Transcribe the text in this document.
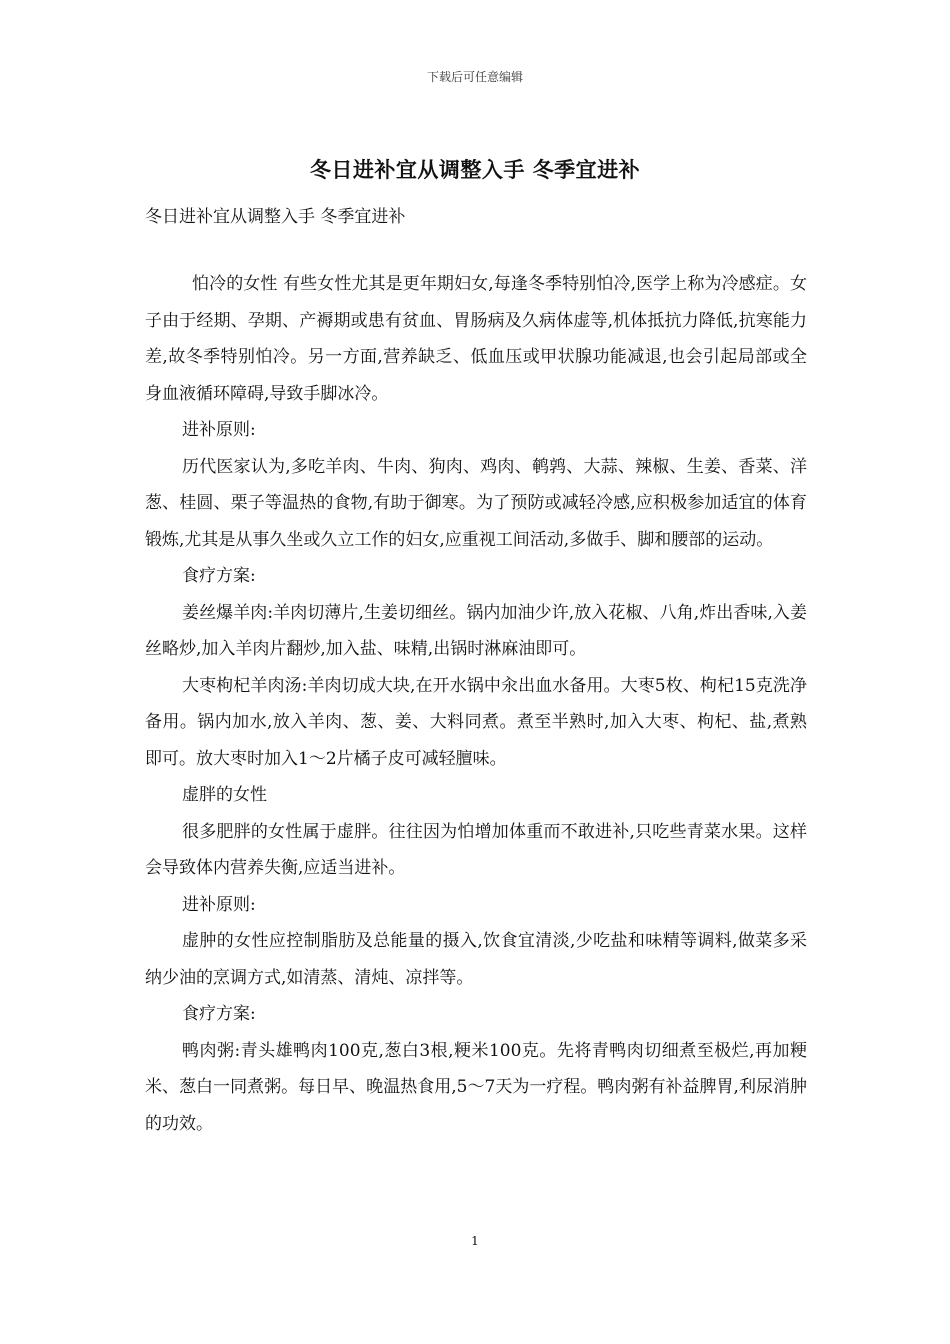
下载后可任意编辑
冬日进补宜从调整入手 冬季宜进补
冬日进补宜从调整入手 冬季宜进补

怕冷的女性 有些女性尤其是更年期妇女,每逢冬季特别怕冷,医学上称为冷感症。女子由于经期、孕期、产褥期或患有贫血、胃肠病及久病体虚等,机体抵抗力降低,抗寒能力差,故冬季特别怕冷。另一方面,营养缺乏、低血压或甲状腺功能减退,也会引起局部或全身血液循环障碍,导致手脚冰冷。

进补原则:

历代医家认为,多吃羊肉、牛肉、狗肉、鸡肉、鹌鹑、大蒜、辣椒、生姜、香菜、洋葱、桂圆、栗子等温热的食物,有助于御寒。为了预防或减轻冷感,应积极参加适宜的体育锻炼,尤其是从事久坐或久立工作的妇女,应重视工间活动,多做手、脚和腰部的运动。

食疗方案:

姜丝爆羊肉:羊肉切薄片,生姜切细丝。锅内加油少许,放入花椒、八角,炸出香味,入姜丝略炒,加入羊肉片翻炒,加入盐、味精,出锅时淋麻油即可。

大枣枸杞羊肉汤:羊肉切成大块,在开水锅中汆出血水备用。大枣5枚、枸杞15克洗净备用。锅内加水,放入羊肉、葱、姜、大料同煮。煮至半熟时,加入大枣、枸杞、盐,煮熟即可。放大枣时加入1～2片橘子皮可减轻膻味。

虚胖的女性

很多肥胖的女性属于虚胖。往往因为怕增加体重而不敢进补,只吃些青菜水果。这样会导致体内营养失衡,应适当进补。

进补原则:

虚肿的女性应控制脂肪及总能量的摄入,饮食宜清淡,少吃盐和味精等调料,做菜多采纳少油的烹调方式,如清蒸、清炖、凉拌等。

食疗方案:

鸭肉粥:青头雄鸭肉100克,葱白3根,粳米100克。先将青鸭肉切细煮至极烂,再加粳米、葱白一同煮粥。每日早、晚温热食用,5～7天为一疗程。鸭肉粥有补益脾胃,利尿消肿的功效。

1
